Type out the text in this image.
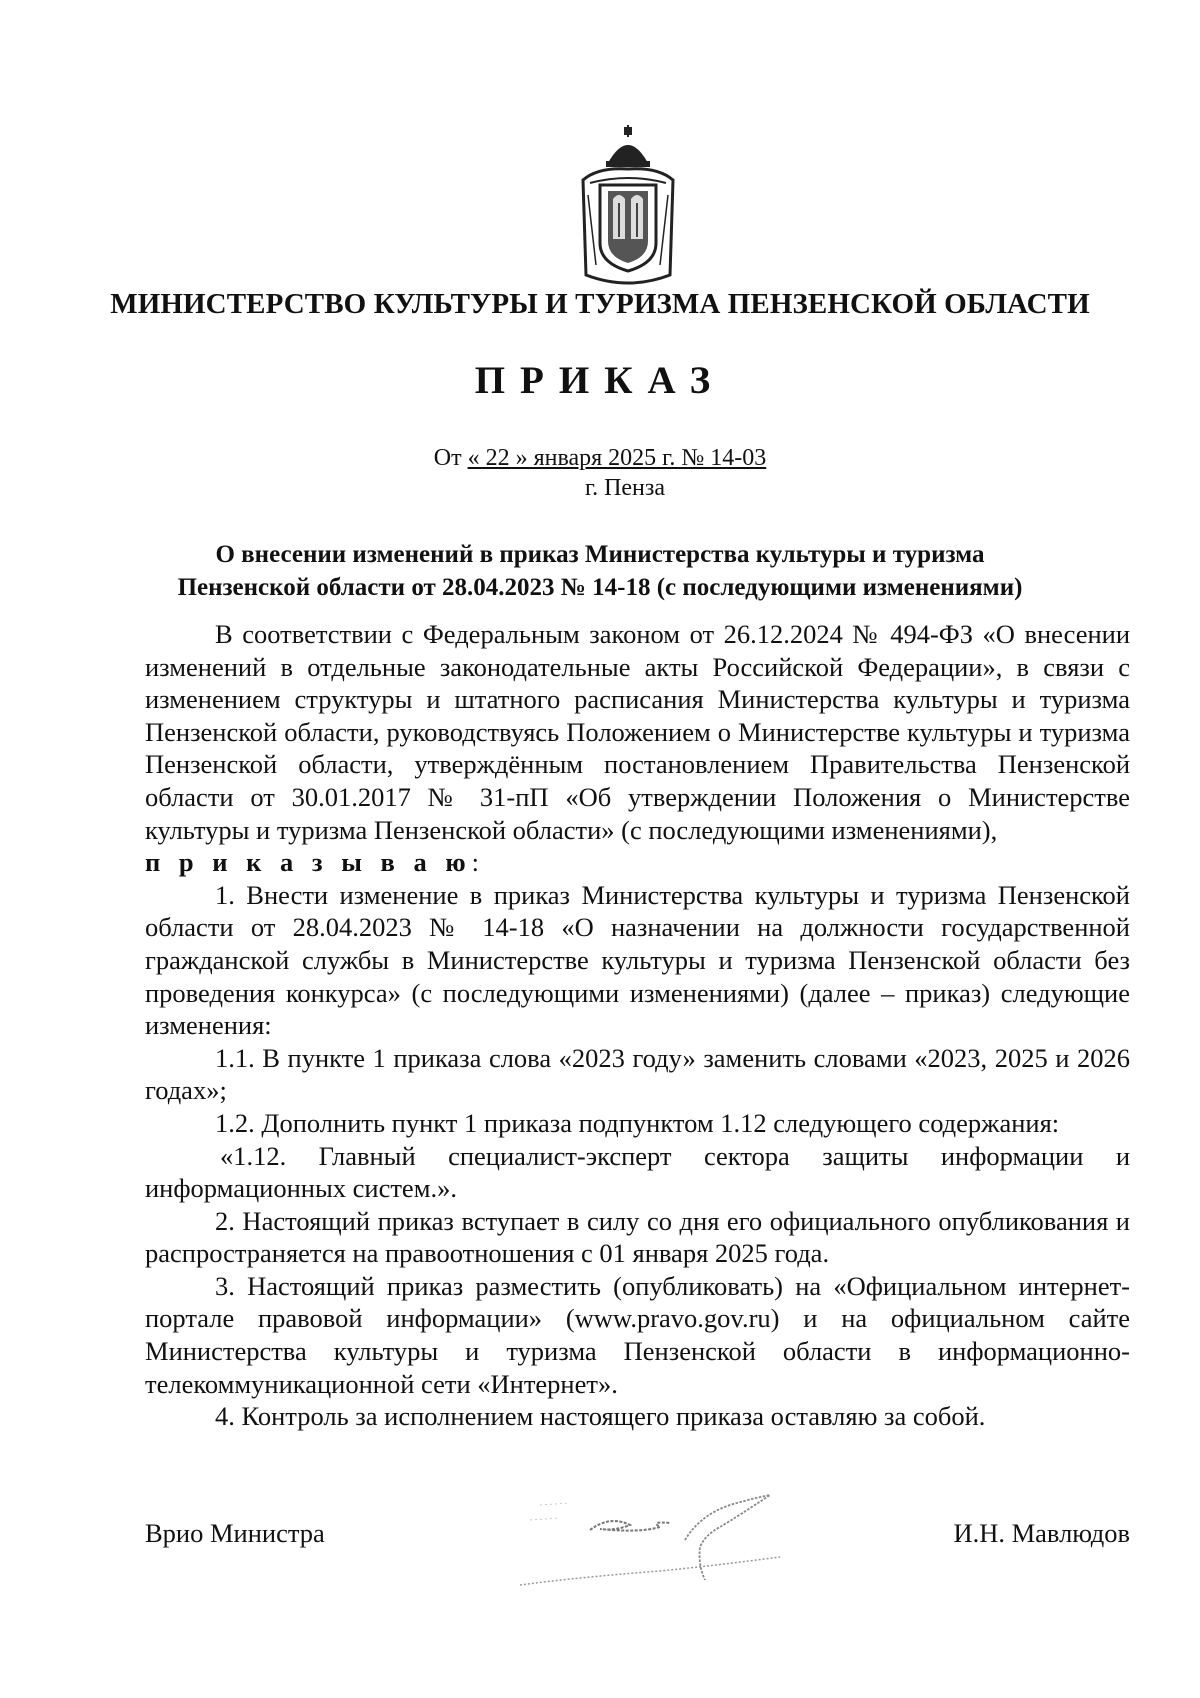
МИНИСТЕРСТВО КУЛЬТУРЫ И ТУРИЗМА ПЕНЗЕНСКОЙ ОБЛАСТИ
ПРИКАЗ
От « 22 » января 2025 г. № 14-03
г. Пенза
О внесении изменений в приказ Министерства культуры и туризма
Пензенской области от 28.04.2023 № 14-18 (с последующими изменениями)

В соответствии с Федеральным законом от 26.12.2024 № 494-ФЗ «О внесении изменений в отдельные законодательные акты Российской Федерации», в связи с изменением структуры и штатного расписания Министерства культуры и туризма Пензенской области, руководствуясь Положением о Министерстве культуры и туризма Пензенской области, утверждённым постановлением Правительства Пензенской области от 30.01.2017 № 31-пП «Об утверждении Положения о Министерстве культуры и туризма Пензенской области» (с последующими изменениями),

п р и к а з ы в а ю:

1. Внести изменение в приказ Министерства культуры и туризма Пензенской области от 28.04.2023 № 14-18 «О назначении на должности государственной гражданской службы в Министерстве культуры и туризма Пензенской области без проведения конкурса» (с последующими изменениями) (далее – приказ) следующие изменения:

1.1. В пункте 1 приказа слова «2023 году» заменить словами «2023, 2025 и 2026 годах»;

1.2. Дополнить пункт 1 приказа подпунктом 1.12 следующего содержания:

«1.12. Главный специалист-эксперт сектора защиты информации и информационных систем.».

2. Настоящий приказ вступает в силу со дня его официального опубликования и распространяется на правоотношения с 01 января 2025 года.

3. Настоящий приказ разместить (опубликовать) на «Официальном интернет-портале правовой информации» (www.pravo.gov.ru) и на официальном сайте Министерства культуры и туризма Пензенской области в информационно-телекоммуникационной сети «Интернет».

4. Контроль за исполнением настоящего приказа оставляю за собой.

Врио Министра	И.Н. Мавлюдов
